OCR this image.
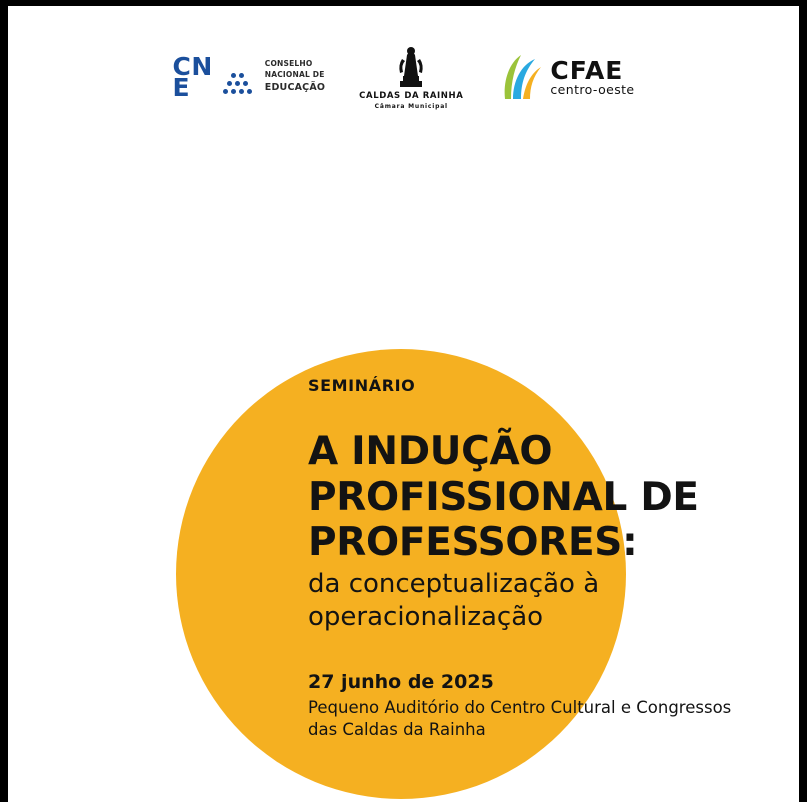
CN
E
CONSELHO
NACIONAL DE
EDUCAÇÃO
CALDAS DA RAINHA
Câmara Municipal
CFAE
centro-oeste
SEMINÁRIO
A INDUÇÃO
PROFISSIONAL DE
PROFESSORES:
da conceptualização à
operacionalização
27 junho de 2025
Pequeno Auditório do Centro Cultural e Congressos
das Caldas da Rainha
